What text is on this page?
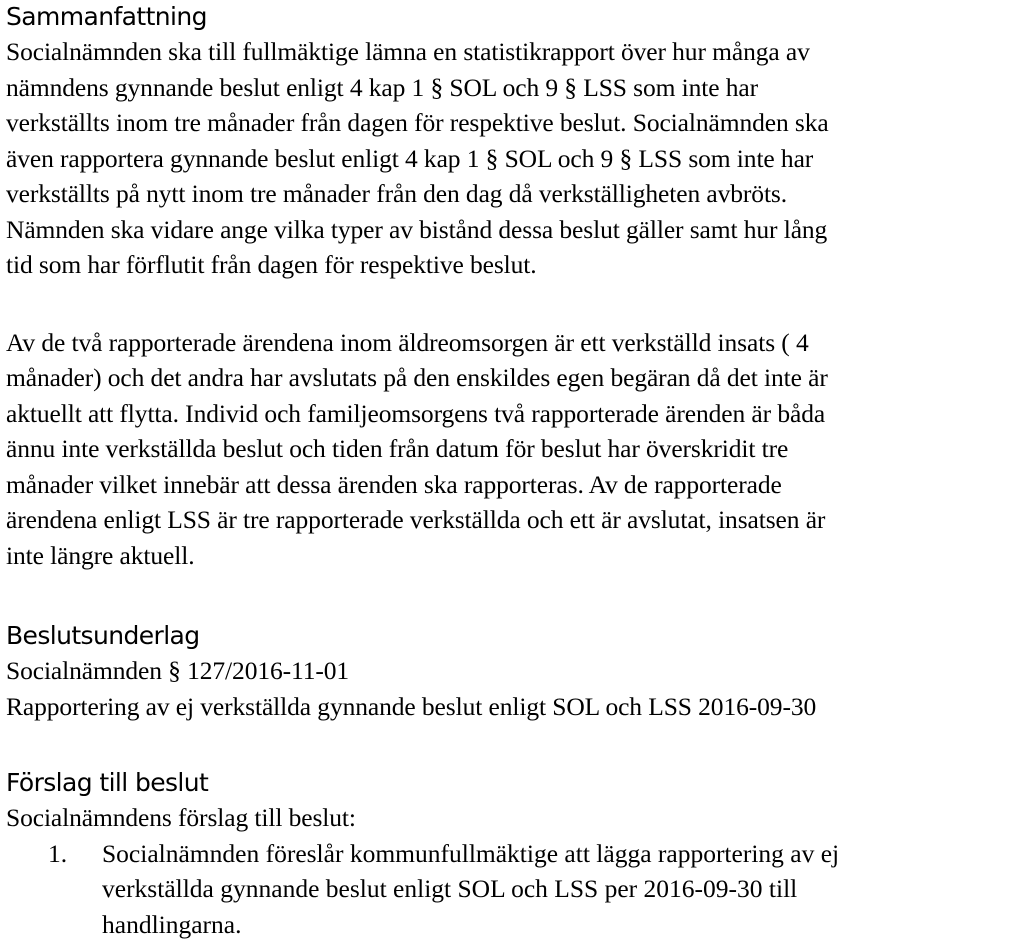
Sammanfattning

Socialnämnden ska till fullmäktige lämna en statistikrapport över hur många av
nämndens gynnande beslut enligt 4 kap 1 § SOL och 9 § LSS som inte har
verkställts inom tre månader från dagen för respektive beslut. Socialnämnden ska
även rapportera gynnande beslut enligt 4 kap 1 § SOL och 9 § LSS som inte har
verkställts på nytt inom tre månader från den dag då verkställigheten avbröts.
Nämnden ska vidare ange vilka typer av bistånd dessa beslut gäller samt hur lång
tid som har förflutit från dagen för respektive beslut.

Av de två rapporterade ärendena inom äldreomsorgen är ett verkställd insats ( 4
månader) och det andra har avslutats på den enskildes egen begäran då det inte är
aktuellt att flytta. Individ och familjeomsorgens två rapporterade ärenden är båda
ännu inte verkställda beslut och tiden från datum för beslut har överskridit tre
månader vilket innebär att dessa ärenden ska rapporteras. Av de rapporterade
ärendena enligt LSS är tre rapporterade verkställda och ett är avslutat, insatsen är
inte längre aktuell.

Beslutsunderlag

Socialnämnden § 127/2016-11-01
Rapportering av ej verkställda gynnande beslut enligt SOL och LSS 2016-09-30

Förslag till beslut

Socialnämndens förslag till beslut:

1. Socialnämnden föreslår kommunfullmäktige att lägga rapportering av ej
verkställda gynnande beslut enligt SOL och LSS per 2016-09-30 till
handlingarna.
